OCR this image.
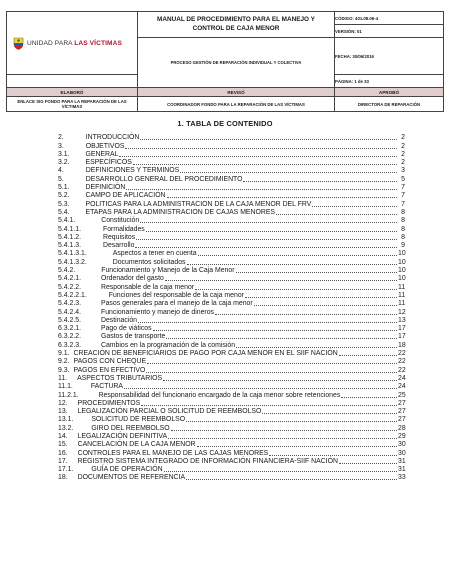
UNIDAD PARA LAS VÍCTIMAS	MANUAL DE PROCEDIMIENTO PARA EL MANEJO Y CONTROL DE CAJA MENOR	CÓDIGO: 401.08.06-4
		VERSIÓN: 01

	PROCESO GESTIÓN DE REPARACIÓN INDIVIDUAL Y COLECTIVA	FECHA: 30/06/2016
		PÁGINA: 1 de 33
ELABORÓ	REVISÓ	APROBÓ
ENLACE SIG FONDO PARA LA REPARACIÓN DE LAS VÍCTIMAS	COORDINADOR FONDO PARA LA REPARACIÓN DE LAS VÍCTIMAS	DIRECTORA DE REPARACIÓN
1. TABLA DE CONTENIDO
2.	INTRODUCCIÓN	2
3.	OBJETIVOS	2
3.1. GENERAL	2
3.2. ESPECÍFICOS	2
4.	DEFINICIONES Y TERMINOS	3
5.	DESARROLLO GENERAL DEL PROCEDIMIENTO	5
5.1. DEFINICIÓN	7
5.2. CAMPO DE APLICACIÓN	7
5.3. POLITICAS PARA LA ADMINISTRACION DE LA CAJA MENOR DEL FRV	7
5.4. ETAPAS PARA LA ADMINISTRACION DE CAJAS MENORES	8
5.4.1.	Constitución	8
5.4.1.1.	Formalidades	8
5.4.1.2.	Requisitos	8
5.4.1.3.	Desarrollo	9
5.4.1.3.1.	Aspectos a tener en cuenta	10
5.4.1.3.2.	Documentos solicitados	10
5.4.2.	Funcionamiento y Manejo de la Caja Menor	10
5.4.2.1.	Ordenador del gasto	10
5.4.2.2.	Responsable de la caja menor	11
5.4.2.2.1.	Funciones del responsable de la caja menor	11
5.4.2.3.	Pasos generales para el manejo de la caja menor	11
5.4.2.4.	Funcionamiento y manejo de dineros	12
5.4.2.5.	Destinación	13
6.3.2.1.	Pago de viáticos	17
6.3.2.2.	Gastos de transporte	17
6.3.2.3.	Cambios en la programación de la comisión	18
9.1. CREACIÓN DE BENEFICIARIOS DE PAGO POR CAJA MENOR EN EL SIIF NACIÓN	22
9.2. PAGOS CON CHEQUE	22
9.3. PAGOS EN EFECTIVO	22
11. ASPECTOS TRIBUTARIOS	24
11.1.	FACTURA	24
11.2.1.	Responsabilidad del funcionario encargado de la caja menor sobre retenciones	25
12. PROCEDIMIENTOS	27
13. LEGALIZACIÓN PARCIAL O SOLICITUD DE REEMBOLSO	27
13.1.	SOLICITUD DE REEMBOLSO	27
13.2.	GIRO DEL REEMBOLSO	28
14. LEGALIZACIÓN DEFINITIVA	29
15. CANCELACIÓN DE LA CAJA MENOR	30
16. CONTROLES PARA EL MANEJO DE LAS CAJAS MENORES	30
17. REGISTRO SISTEMA INTEGRADO DE INFORMACIÓN FINANCIERA-SIIF NACIÓN	31
17.1.	GUÍA DE OPERACIÓN	31
18. DOCUMENTOS DE REFERENCIA	33
